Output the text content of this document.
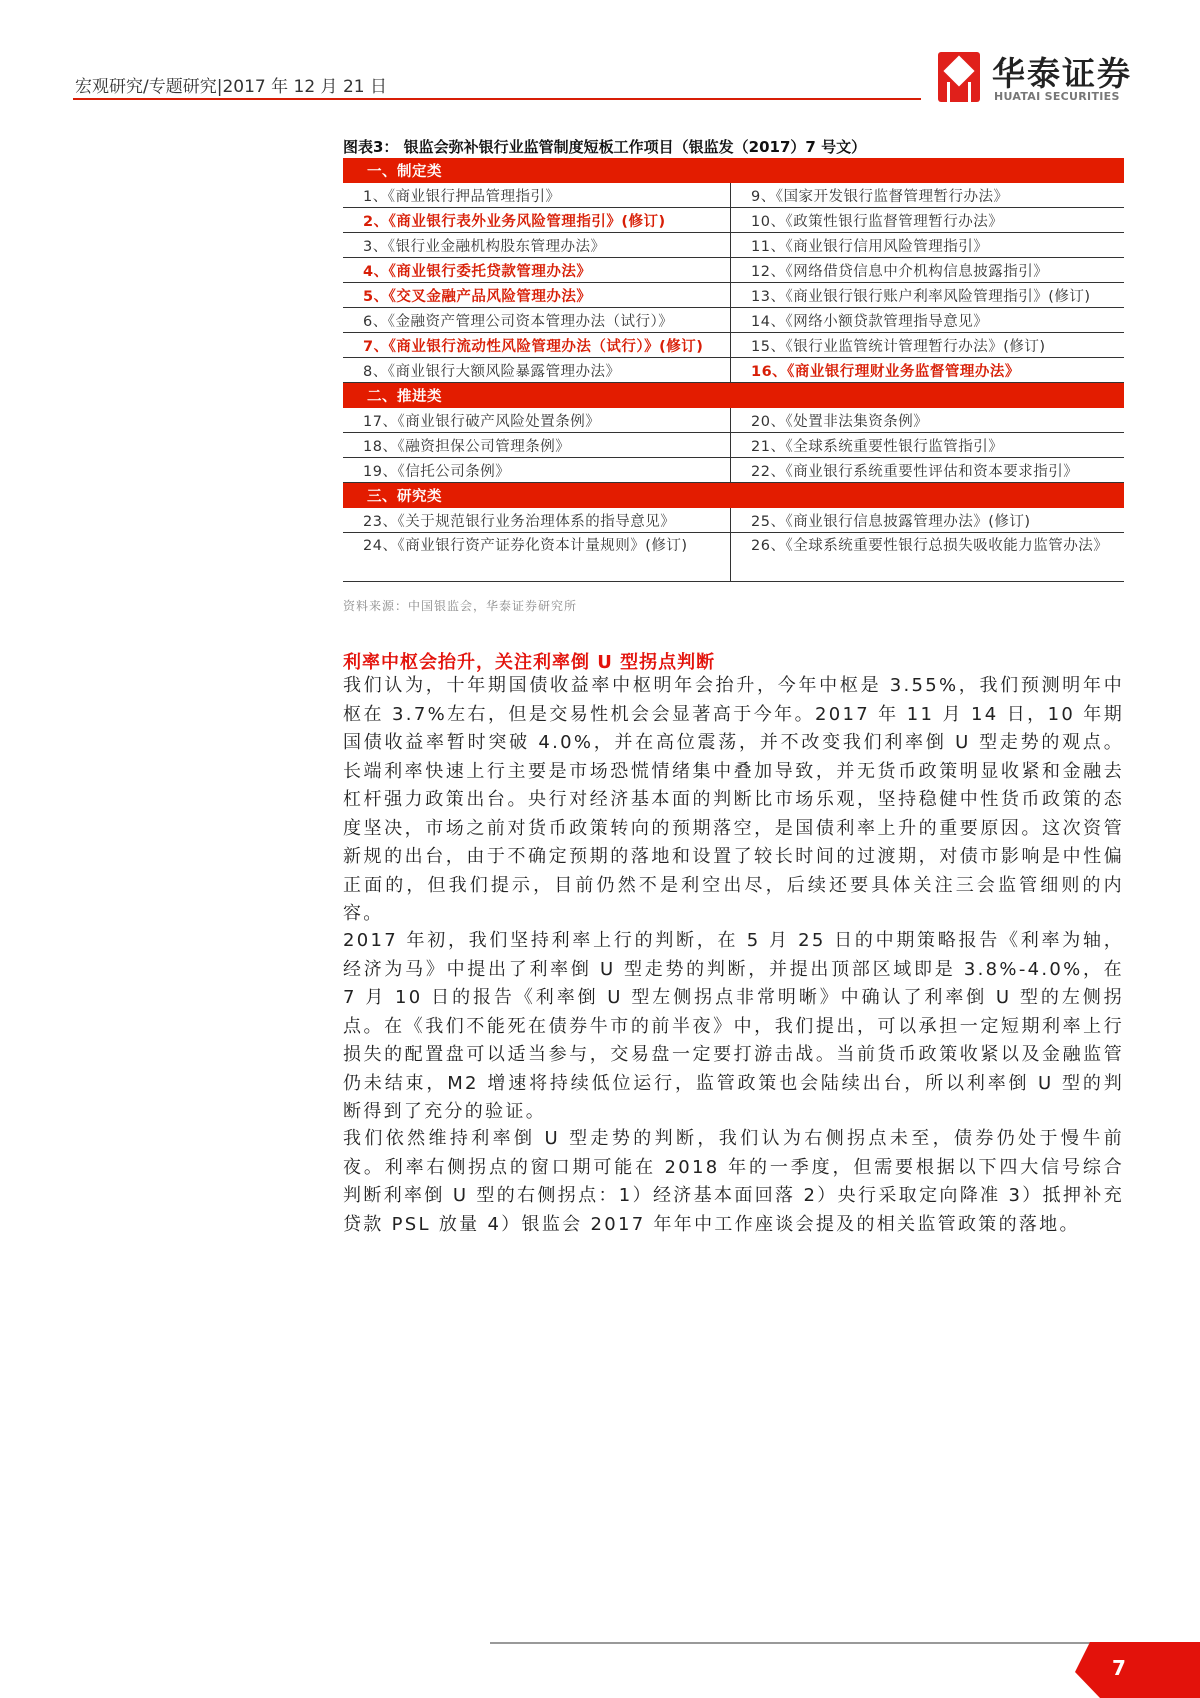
宏观研究/专题研究|2017 年 12 月 21 日	华泰证券
HUATAI SECURITIES
图表3： 银监会弥补银行业监管制度短板工作项目（银监发（2017）7 号文）
一、制定类	
1、《商业银行押品管理指引》	9、《国家开发银行监督管理暂行办法》
2、《商业银行表外业务风险管理指引》(修订)	10、《政策性银行监督管理暂行办法》
3、《银行业金融机构股东管理办法》	11、《商业银行信用风险管理指引》
4、《商业银行委托贷款管理办法》	12、《网络借贷信息中介机构信息披露指引》
5、《交叉金融产品风险管理办法》	13、《商业银行银行账户利率风险管理指引》(修订)
6、《金融资产管理公司资本管理办法（试行）》	14、《网络小额贷款管理指导意见》
7、《商业银行流动性风险管理办法（试行）》(修订)	15、《银行业监管统计管理暂行办法》(修订)
8、《商业银行大额风险暴露管理办法》	16、《商业银行理财业务监督管理办法》
二、推进类	
17、《商业银行破产风险处置条例》	20、《处置非法集资条例》
18、《融资担保公司管理条例》	21、《全球系统重要性银行监管指引》
19、《信托公司条例》	22、《商业银行系统重要性评估和资本要求指引》
三、研究类	
23、《关于规范银行业务治理体系的指导意见》	25、《商业银行信息披露管理办法》(修订)
24、《商业银行资产证券化资本计量规则》(修订)	26、《全球系统重要性银行总损失吸收能力监管办法》
资料来源：中国银监会，华泰证券研究所
利率中枢会抬升，关注利率倒 U 型拐点判断

我们认为，十年期国债收益率中枢明年会抬升，今年中枢是 3.55%，我们预测明年中枢在 3.7%左右，但是交易性机会会显著高于今年。2017 年 11 月 14 日，10 年期国债收益率暂时突破 4.0%，并在高位震荡，并不改变我们利率倒 U 型走势的观点。长端利率快速上行主要是市场恐慌情绪集中叠加导致，并无货币政策明显收紧和金融去杠杆强力政策出台。央行对经济基本面的判断比市场乐观，坚持稳健中性货币政策的态度坚决，市场之前对货币政策转向的预期落空，是国债利率上升的重要原因。这次资管新规的出台，由于不确定预期的落地和设置了较长时间的过渡期，对债市影响是中性偏正面的，但我们提示，目前仍然不是利空出尽，后续还要具体关注三会监管细则的内容。

2017 年初，我们坚持利率上行的判断，在 5 月 25 日的中期策略报告《利率为轴，经济为马》中提出了利率倒 U 型走势的判断，并提出顶部区域即是 3.8%-4.0%，在 7 月 10 日的报告《利率倒 U 型左侧拐点非常明晰》中确认了利率倒 U 型的左侧拐点。在《我们不能死在债券牛市的前半夜》中，我们提出，可以承担一定短期利率上行损失的配置盘可以适当参与，交易盘一定要打游击战。当前货币政策收紧以及金融监管仍未结束，M2 增速将持续低位运行，监管政策也会陆续出台，所以利率倒 U 型的判断得到了充分的验证。

我们依然维持利率倒 U 型走势的判断，我们认为右侧拐点未至，债券仍处于慢牛前夜。利率右侧拐点的窗口期可能在 2018 年的一季度，但需要根据以下四大信号综合判断利率倒 U 型的右侧拐点：1）经济基本面回落 2）央行采取定向降准 3）抵押补充贷款 PSL 放量 4）银监会 2017 年年中工作座谈会提及的相关监管政策的落地。

7
